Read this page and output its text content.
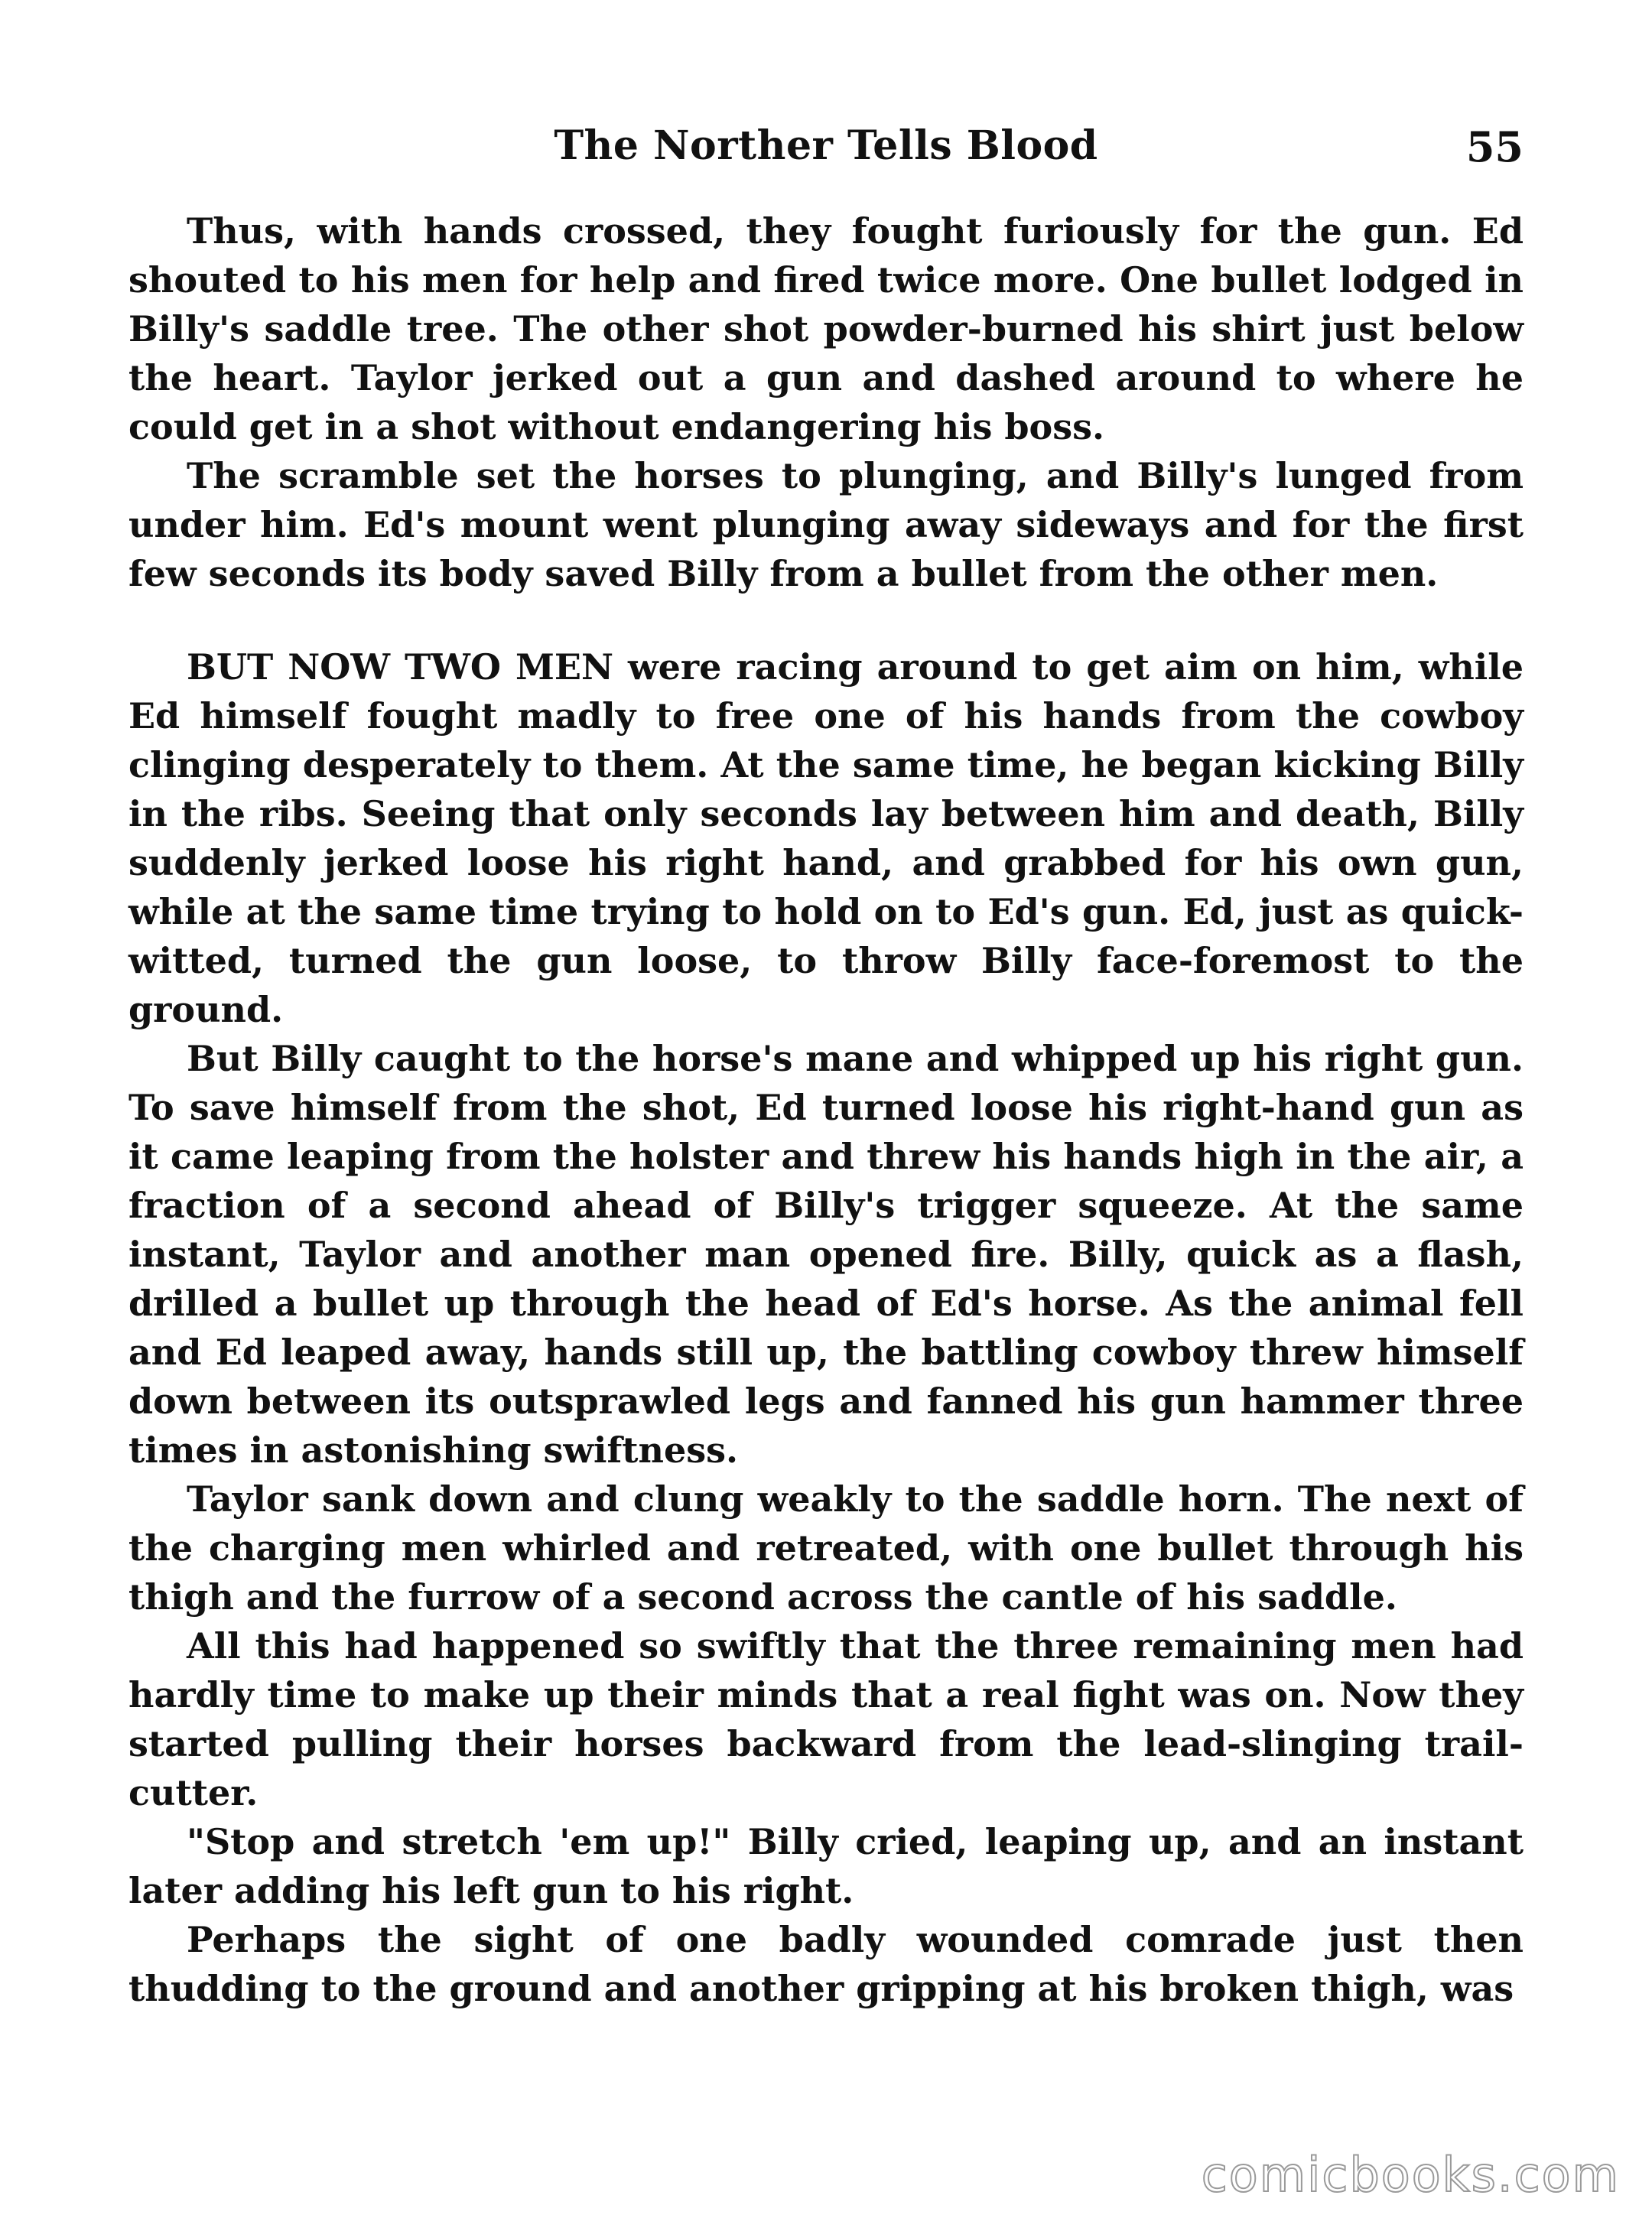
The Norther Tells Blood	55

Thus, with hands crossed, they fought furiously for the gun. Ed shouted to his men for help and fired twice more. One bullet lodged in Billy's saddle tree. The other shot powder-burned his shirt just below the heart. Taylor jerked out a gun and dashed around to where he could get in a shot without endangering his boss.

The scramble set the horses to plunging, and Billy's lunged from under him. Ed's mount went plunging away sideways and for the first few seconds its body saved Billy from a bullet from the other men.

BUT NOW TWO MEN were racing around to get aim on him, while Ed himself fought madly to free one of his hands from the cowboy clinging desperately to them. At the same time, he began kicking Billy in the ribs. Seeing that only seconds lay between him and death, Billy suddenly jerked loose his right hand, and grabbed for his own gun, while at the same time trying to hold on to Ed's gun. Ed, just as quick-witted, turned the gun loose, to throw Billy face-foremost to the ground.

But Billy caught to the horse's mane and whipped up his right gun. To save himself from the shot, Ed turned loose his right-hand gun as it came leaping from the holster and threw his hands high in the air, a fraction of a second ahead of Billy's trigger squeeze. At the same instant, Taylor and another man opened fire. Billy, quick as a flash, drilled a bullet up through the head of Ed's horse. As the animal fell and Ed leaped away, hands still up, the battling cowboy threw himself down between its outsprawled legs and fanned his gun hammer three times in astonishing swiftness.

Taylor sank down and clung weakly to the saddle horn. The next of the charging men whirled and retreated, with one bullet through his thigh and the furrow of a second across the cantle of his saddle.

All this had happened so swiftly that the three remaining men had hardly time to make up their minds that a real fight was on. Now they started pulling their horses backward from the lead-slinging trail-cutter.

"Stop and stretch 'em up!" Billy cried, leaping up, and an instant later adding his left gun to his right.

Perhaps the sight of one badly wounded comrade just then thudding to the ground and another gripping at his broken thigh, was

comicbooks.com
